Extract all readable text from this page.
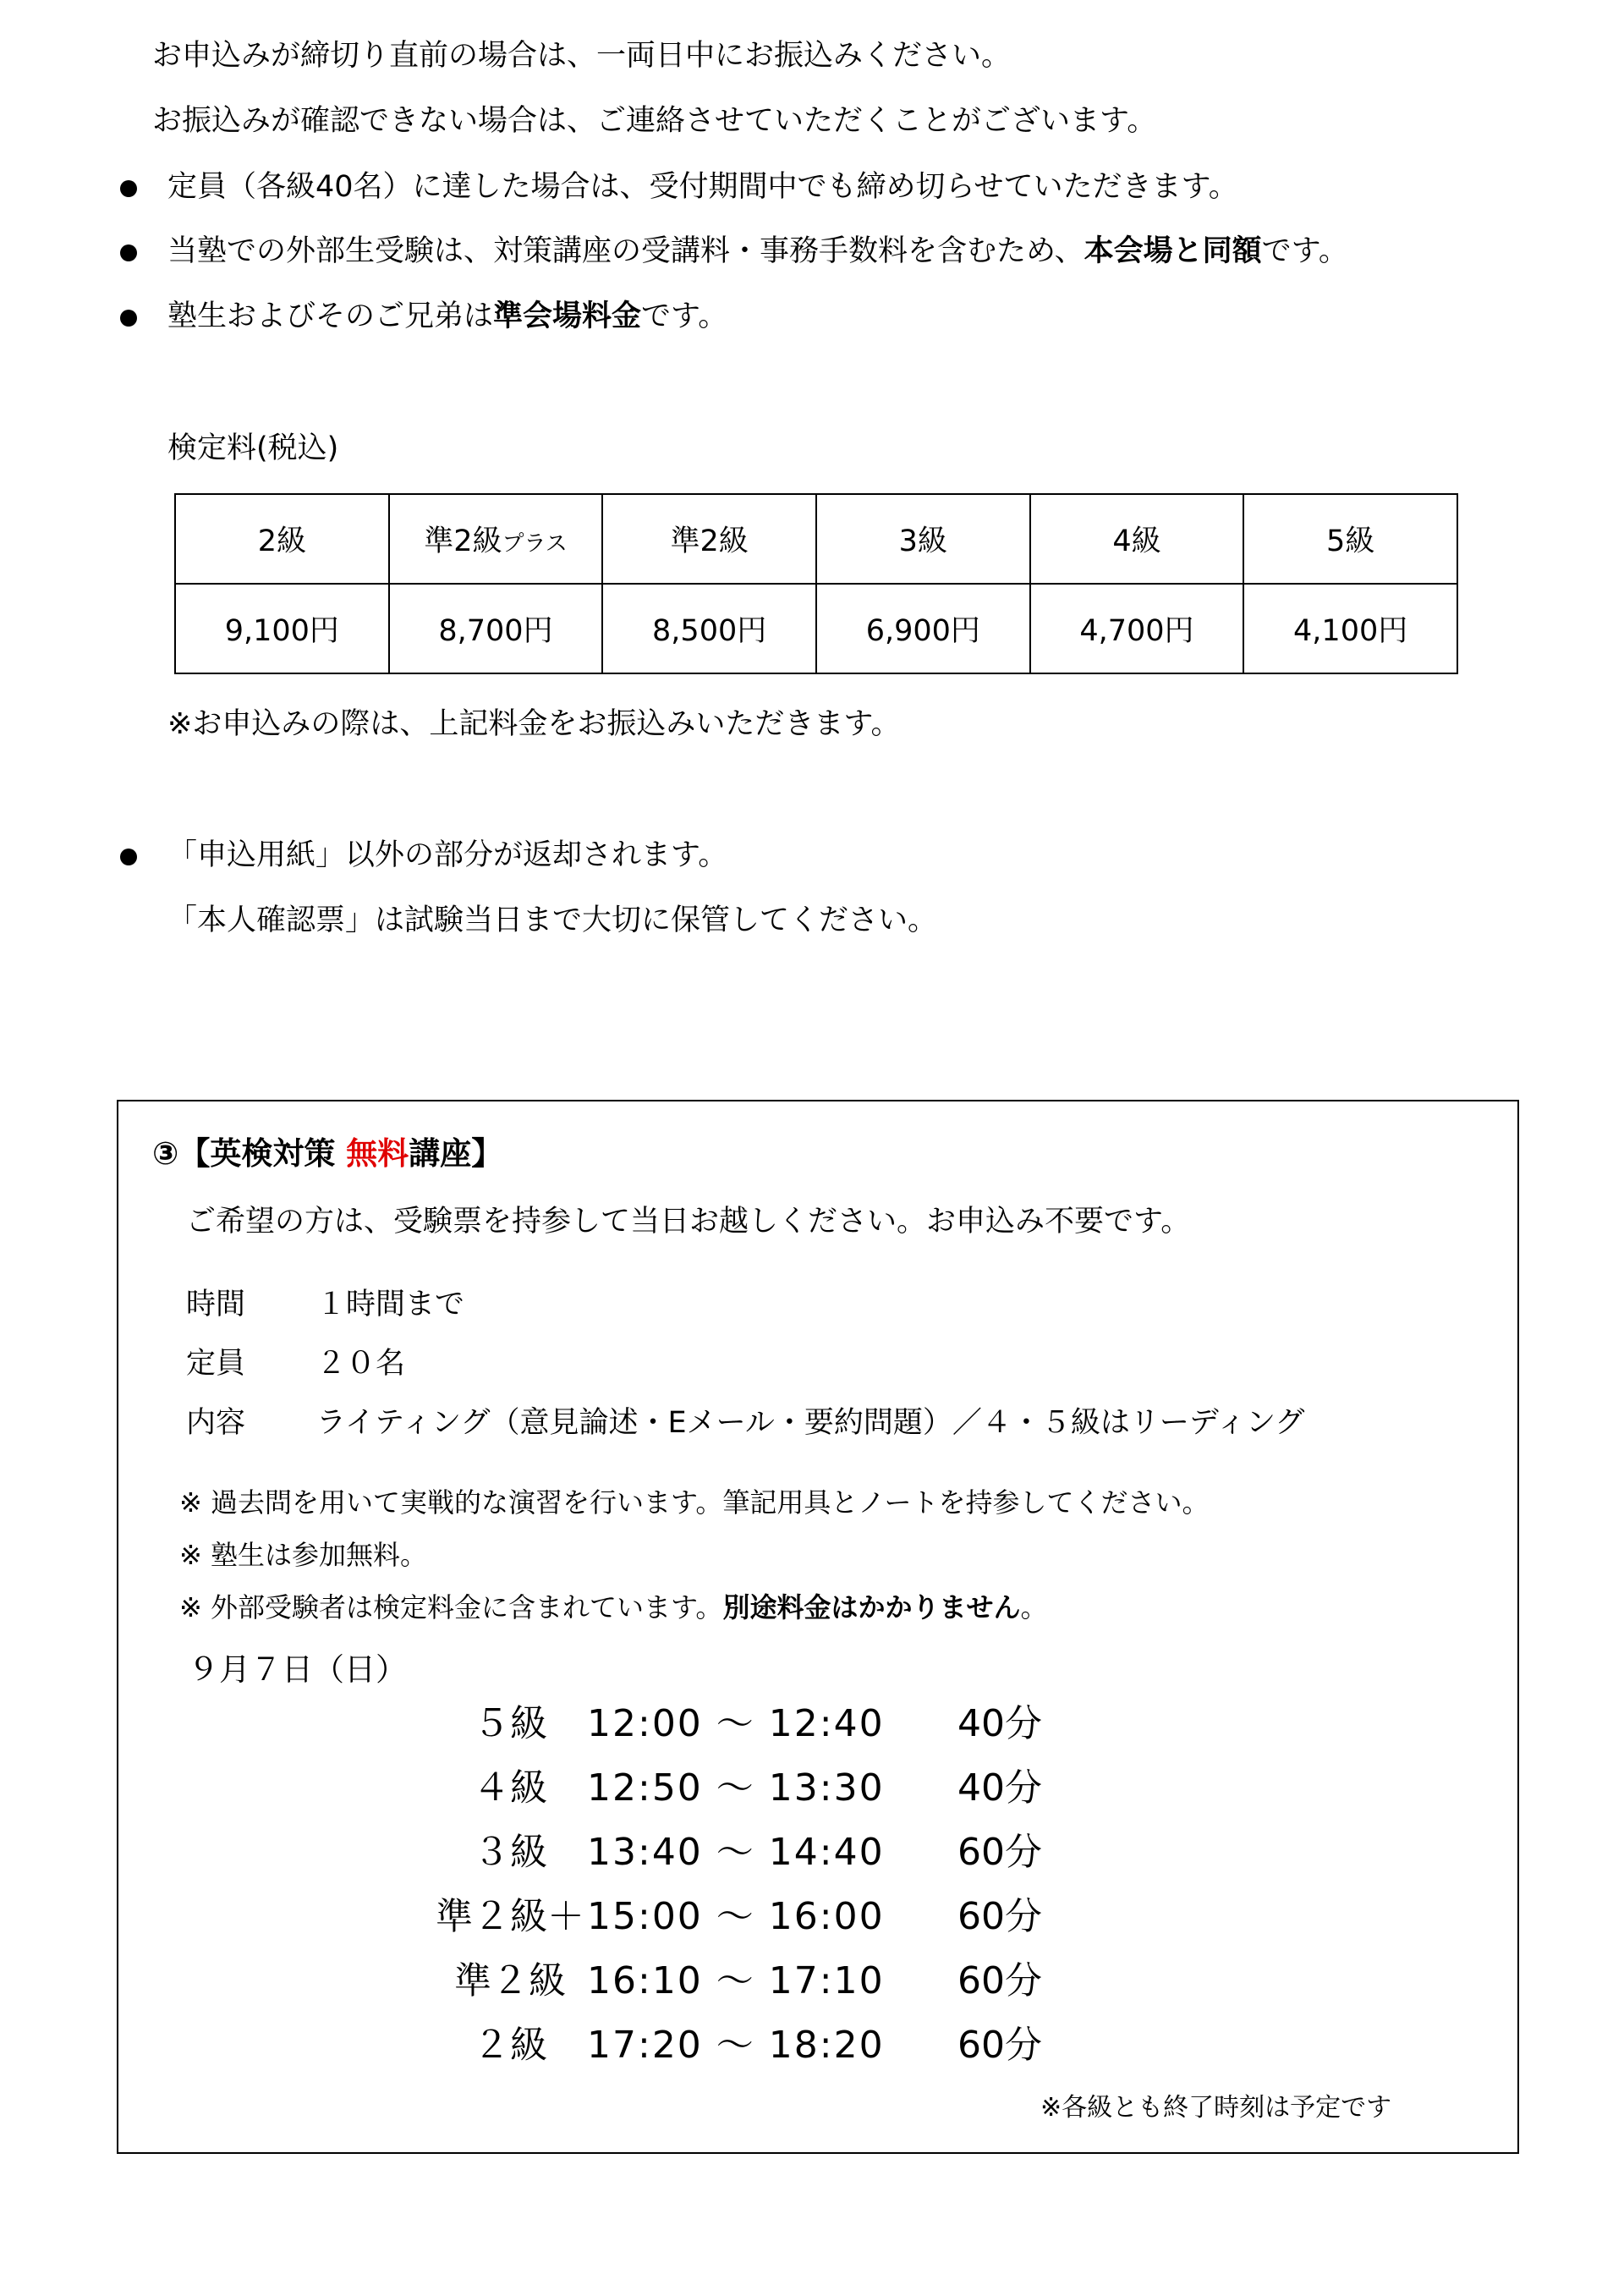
お申込みが締切り直前の場合は、一両日中にお振込みください。
お振込みが確認できない場合は、ご連絡させていただくことがございます。
定員（各級40名）に達した場合は、受付期間中でも締め切らせていただきます。
当塾での外部生受験は、対策講座の受講料・事務手数料を含むため、本会場と同額です。
塾生およびそのご兄弟は準会場料金です。
検定料(税込)
2級	準2級プラス	準2級	3級	4級	5級
9,100円	8,700円	8,500円	6,900円	4,700円	4,100円
※お申込みの際は、上記料金をお振込みいただきます。
「申込用紙」以外の部分が返却されます。
「本人確認票」は試験当日まで大切に保管してください。
③【英検対策 無料講座】
ご希望の方は、受験票を持参して当日お越しください。お申込み不要です。
時間 １時間まで
定員 ２０名
内容 ライティング（意見論述・Eメール・要約問題）／４・５級はリーディング
※ 過去問を用いて実戦的な演習を行います。筆記用具とノートを持参してください。
※ 塾生は参加無料。
※ 外部受験者は検定料金に含まれています。別途料金はかかりません。
９月７日（日）
５級 12:00 ～ 12:40 40分
４級 12:50 ～ 13:30 40分
３級 13:40 ～ 14:40 60分
準２級＋15:00 ～ 16:00 60分
準２級 16:10 ～ 17:10 60分
２級 17:20 ～ 18:20 60分
※各級とも終了時刻は予定です
